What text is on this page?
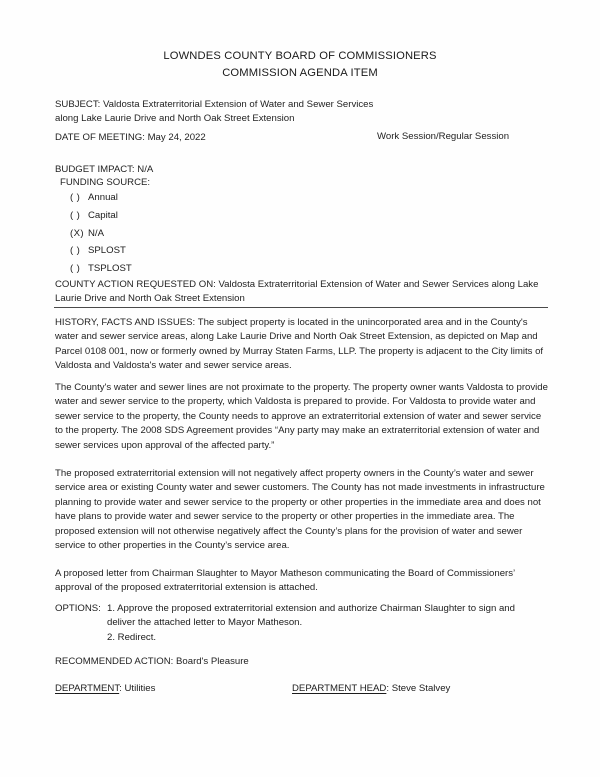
LOWNDES COUNTY BOARD OF COMMISSIONERS
COMMISSION AGENDA ITEM

SUBJECT: Valdosta Extraterritorial Extension of Water and Sewer Services

along Lake Laurie Drive and North Oak Street Extension

DATE OF MEETING: May 24, 2022	Work Session/Regular Session
BUDGET IMPACT: N/A
FUNDING SOURCE:
( ) Annual
( ) Capital
(X) N/A
( ) SPLOST
( ) TSPLOST
COUNTY ACTION REQUESTED ON: Valdosta Extraterritorial Extension of Water and Sewer Services along Lake Laurie Drive and North Oak Street Extension
HISTORY, FACTS AND ISSUES: The subject property is located in the unincorporated area and in the County's water and sewer service areas, along Lake Laurie Drive and North Oak Street Extension, as depicted on Map and Parcel 0108 001, now or formerly owned by Murray Staten Farms, LLP. The property is adjacent to the City limits of Valdosta and Valdosta's water and sewer service areas.
The County's water and sewer lines are not proximate to the property. The property owner wants Valdosta to provide water and sewer service to the property, which Valdosta is prepared to provide. For Valdosta to provide water and sewer service to the property, the County needs to approve an extraterritorial extension of water and sewer service to the property. The 2008 SDS Agreement provides “Any party may make an extraterritorial extension of water and sewer services upon approval of the affected party.”
The proposed extraterritorial extension will not negatively affect property owners in the County’s water and sewer service area or existing County water and sewer customers. The County has not made investments in infrastructure planning to provide water and sewer service to the property or other properties in the immediate area and does not have plans to provide water and sewer service to the property or other properties in the immediate area. The proposed extension will not otherwise negatively affect the County’s plans for the provision of water and sewer service to other properties in the County’s service area.
A proposed letter from Chairman Slaughter to Mayor Matheson communicating the Board of Commissioners’ approval of the proposed extraterritorial extension is attached.
OPTIONS: 1. Approve the proposed extraterritorial extension and authorize Chairman Slaughter to sign and
deliver the attached letter to Mayor Matheson.
2. Redirect.
RECOMMENDED ACTION: Board's Pleasure
DEPARTMENT: Utilities	DEPARTMENT HEAD: Steve Stalvey
